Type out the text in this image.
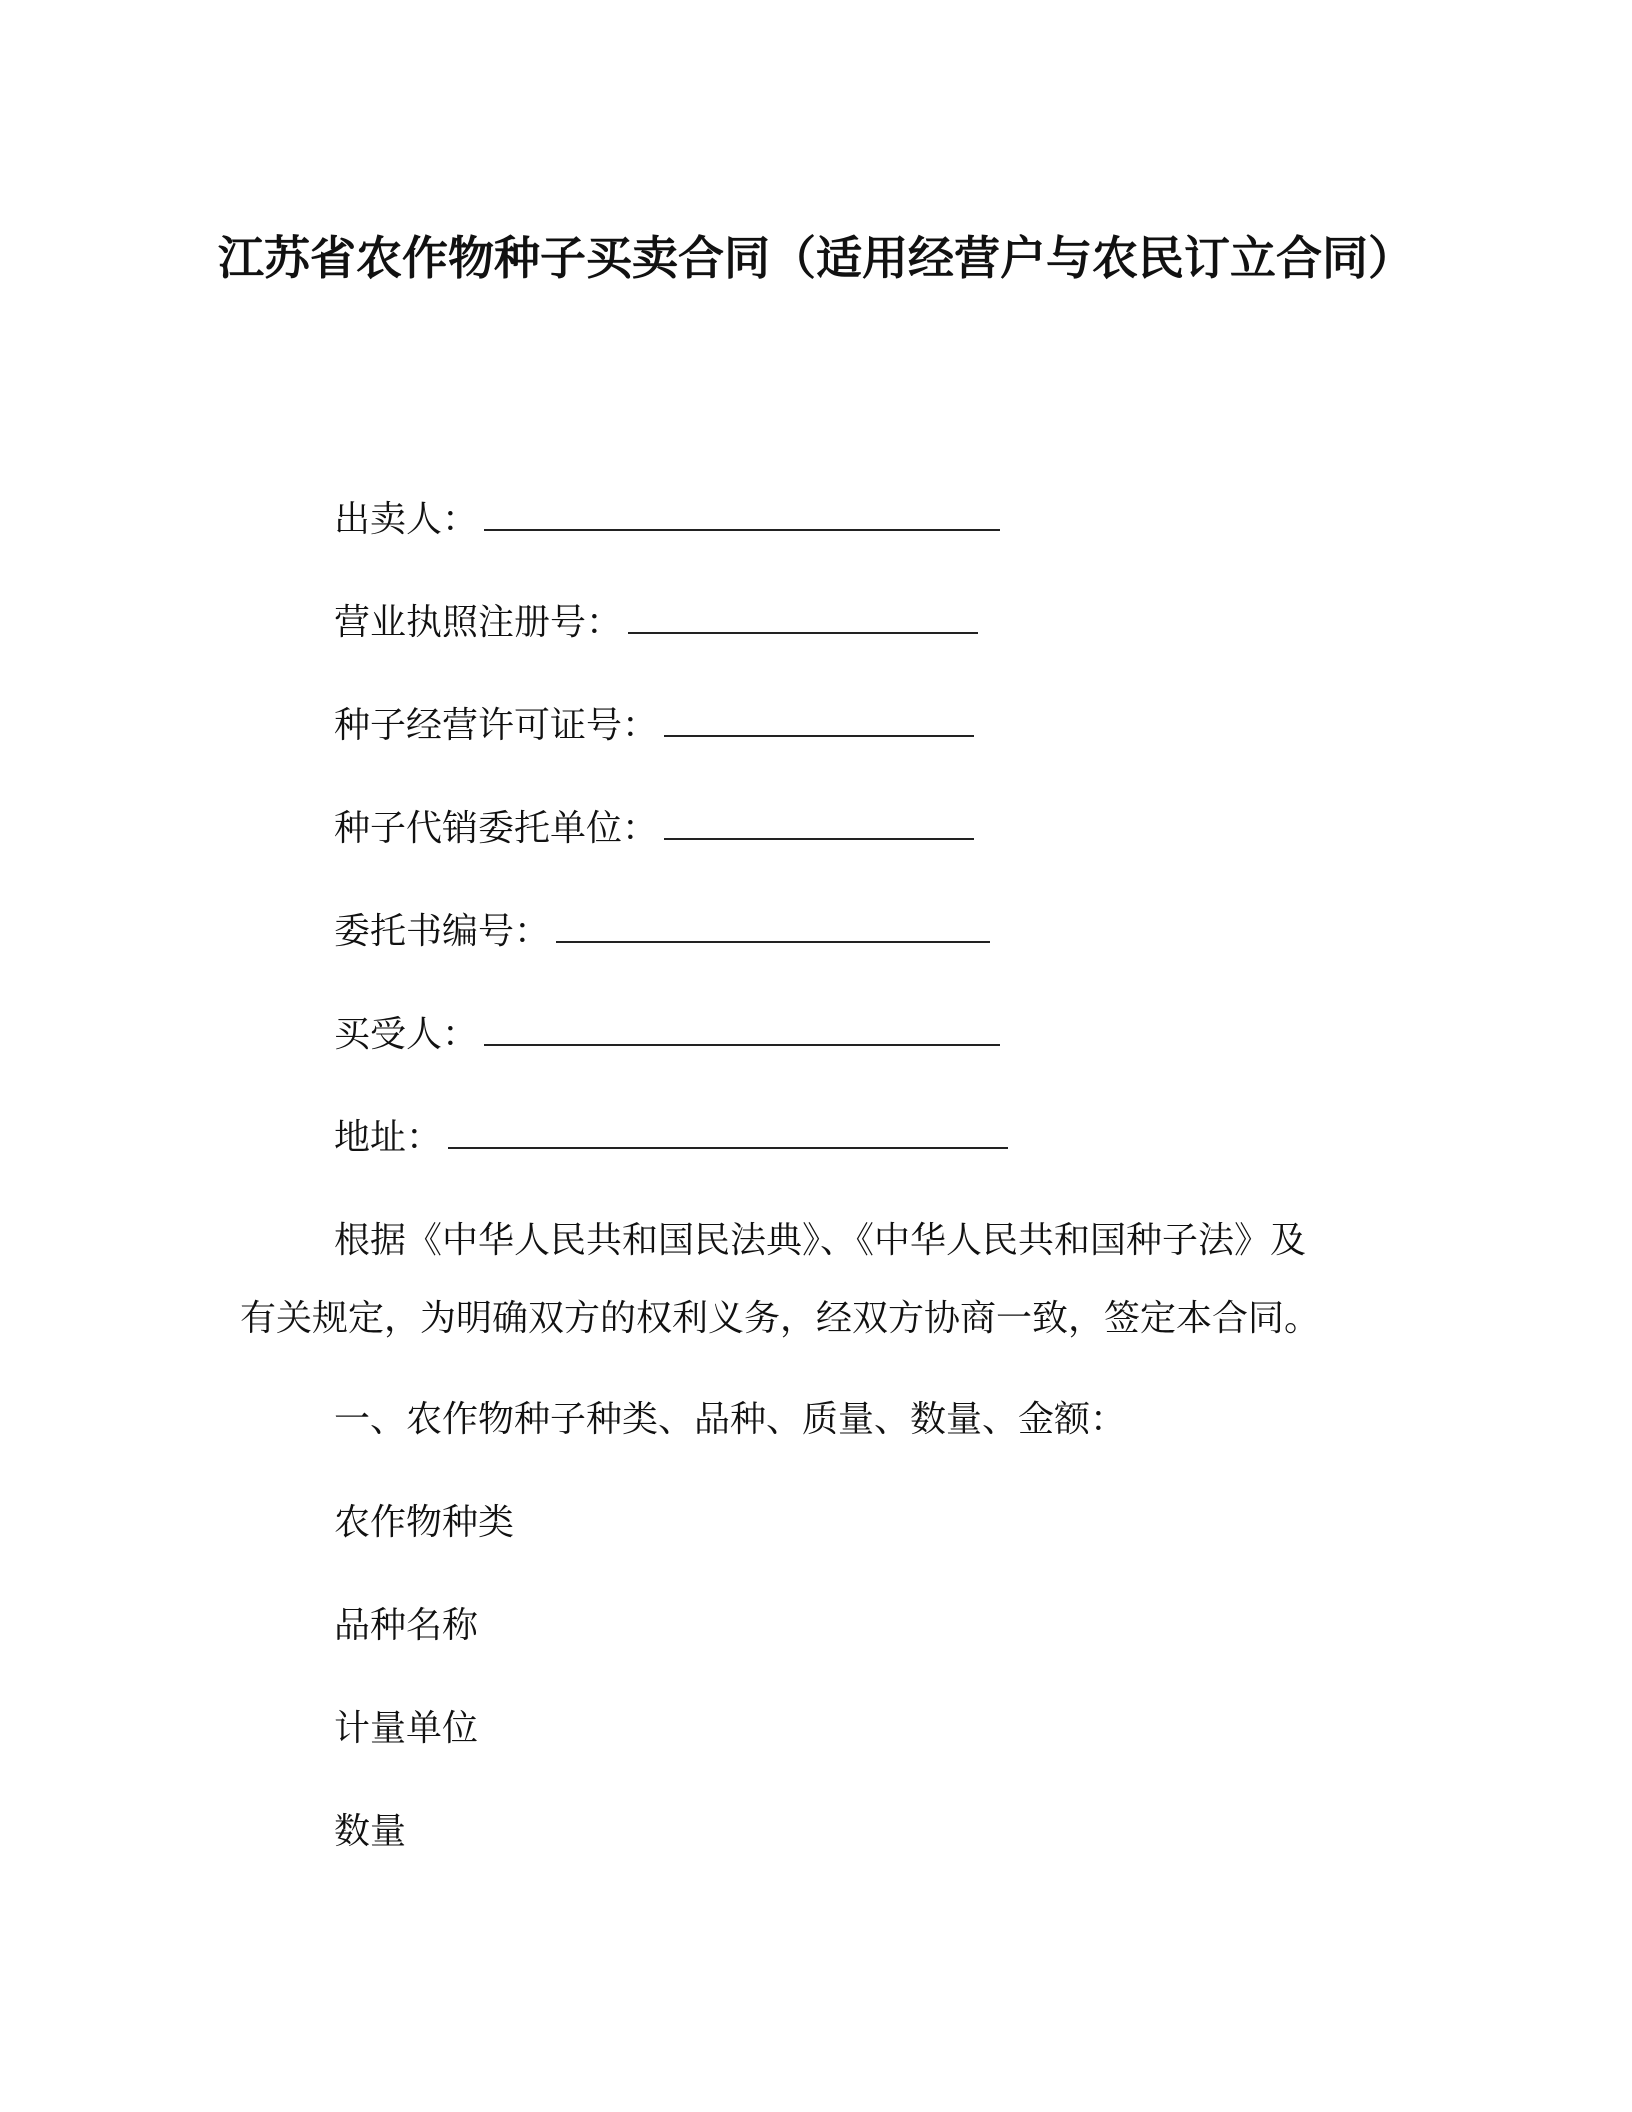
江苏省农作物种子买卖合同（适用经营户与农民订立合同）
出卖人：
营业执照注册号：
种子经营许可证号：
种子代销委托单位：
委托书编号：
买受人：
地址：
根据《中华人民共和国民法典》、《中华人民共和国种子法》及
有关规定，为明确双方的权利义务，经双方协商一致，签定本合同。
一、农作物种子种类、品种、质量、数量、金额：
农作物种类
品种名称
计量单位
数量
